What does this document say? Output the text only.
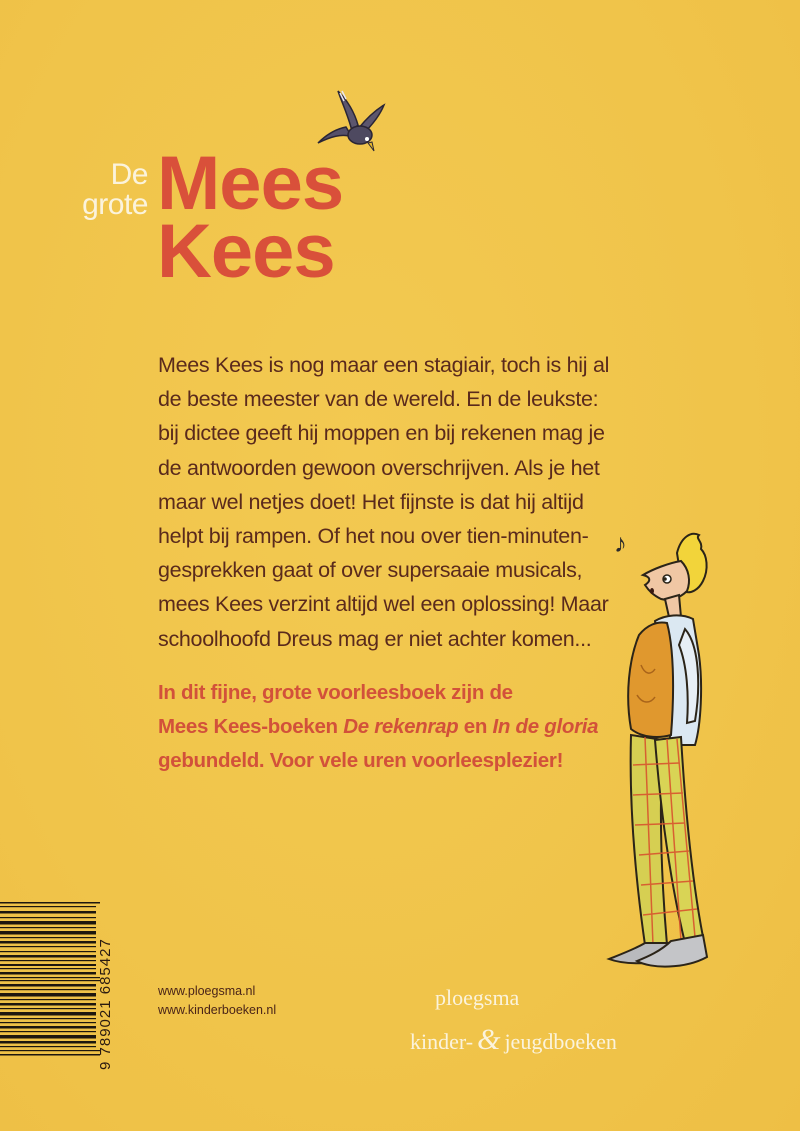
De
grote Mees
Kees
Mees Kees is nog maar een stagiair, toch is hij al
de beste meester van de wereld. En de leukste:
bij dictee geeft hij moppen en bij rekenen mag je
de antwoorden gewoon overschrijven. Als je het
maar wel netjes doet! Het fijnste is dat hij altijd
helpt bij rampen. Of het nou over tien-minuten-
gesprekken gaat of over supersaaie musicals,
mees Kees verzint altijd wel een oplossing! Maar
schoolhoofd Dreus mag er niet achter komen...
In dit fijne, grote voorleesboek zijn de
Mees Kees-boeken De rekenrap en In de gloria
gebundeld. Voor vele uren voorleesplezier!
♪
9 789021 685427	www.ploegsma.nl
www.kinderboeken.nl	ploegsma
kinder- & jeugdboeken
